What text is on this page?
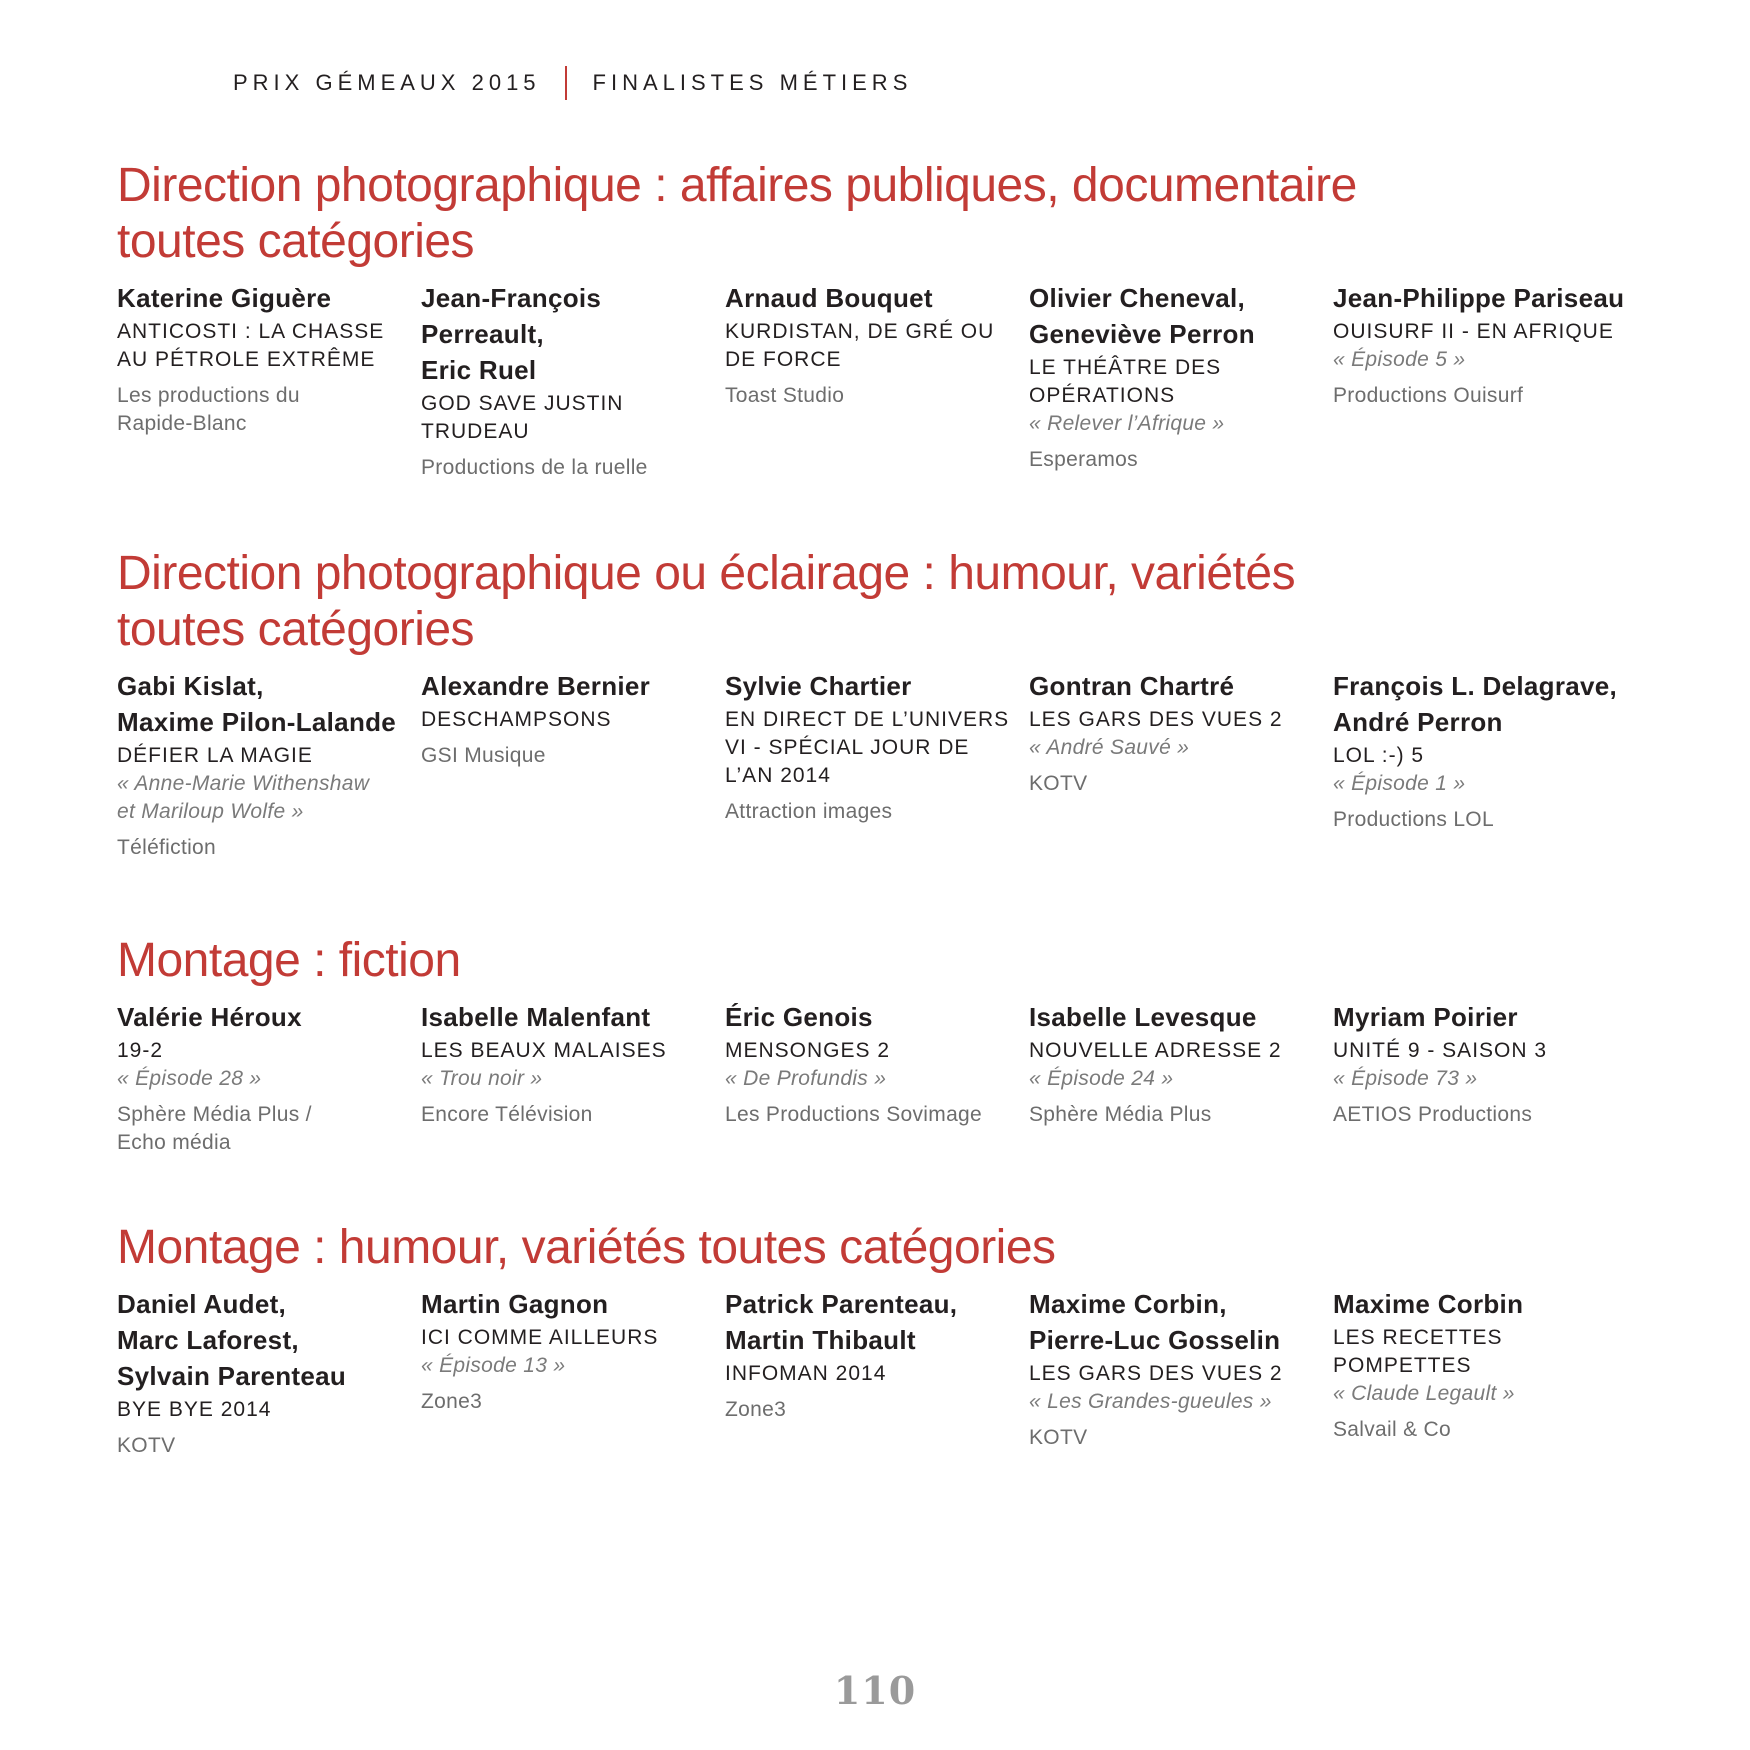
PRIX GÉMEAUX 2015 FINALISTES MÉTIERS
Direction photographique : affaires publiques, documentaire
toutes catégories
Katerine Giguère
ANTICOSTI : LA CHASSE
AU PÉTROLE EXTRÊME
Les productions du
Rapide-Blanc
Jean-François
Perreault,
Eric Ruel
GOD SAVE JUSTIN
TRUDEAU
Productions de la ruelle
Arnaud Bouquet
KURDISTAN, DE GRÉ OU
DE FORCE
Toast Studio
Olivier Cheneval,
Geneviève Perron
LE THÉÂTRE DES
OPÉRATIONS
« Relever l’Afrique »
Esperamos
Jean-Philippe Pariseau
OUISURF II - EN AFRIQUE
« Épisode 5 »
Productions Ouisurf
Direction photographique ou éclairage : humour, variétés
toutes catégories
Gabi Kislat,
Maxime Pilon-Lalande
DÉFIER LA MAGIE
« Anne-Marie Withenshaw
et Mariloup Wolfe »
Téléfiction
Alexandre Bernier
DESCHAMPSONS
GSI Musique
Sylvie Chartier
EN DIRECT DE L’UNIVERS
VI - SPÉCIAL JOUR DE
L’AN 2014
Attraction images
Gontran Chartré
LES GARS DES VUES 2
« André Sauvé »
KOTV
François L. Delagrave,
André Perron
LOL :-) 5
« Épisode 1 »
Productions LOL
Montage : fiction
Valérie Héroux
19-2
« Épisode 28 »
Sphère Média Plus /
Echo média
Isabelle Malenfant
LES BEAUX MALAISES
« Trou noir »
Encore Télévision
Éric Genois
MENSONGES 2
« De Profundis »
Les Productions Sovimage
Isabelle Levesque
NOUVELLE ADRESSE 2
« Épisode 24 »
Sphère Média Plus
Myriam Poirier
UNITÉ 9 - SAISON 3
« Épisode 73 »
AETIOS Productions
Montage : humour, variétés toutes catégories
Daniel Audet,
Marc Laforest,
Sylvain Parenteau
BYE BYE 2014
KOTV
Martin Gagnon
ICI COMME AILLEURS
« Épisode 13 »
Zone3
Patrick Parenteau,
Martin Thibault
INFOMAN 2014
Zone3
Maxime Corbin,
Pierre-Luc Gosselin
LES GARS DES VUES 2
« Les Grandes-gueules »
KOTV
Maxime Corbin
LES RECETTES POMPETTES
« Claude Legault »
Salvail & Co
110
